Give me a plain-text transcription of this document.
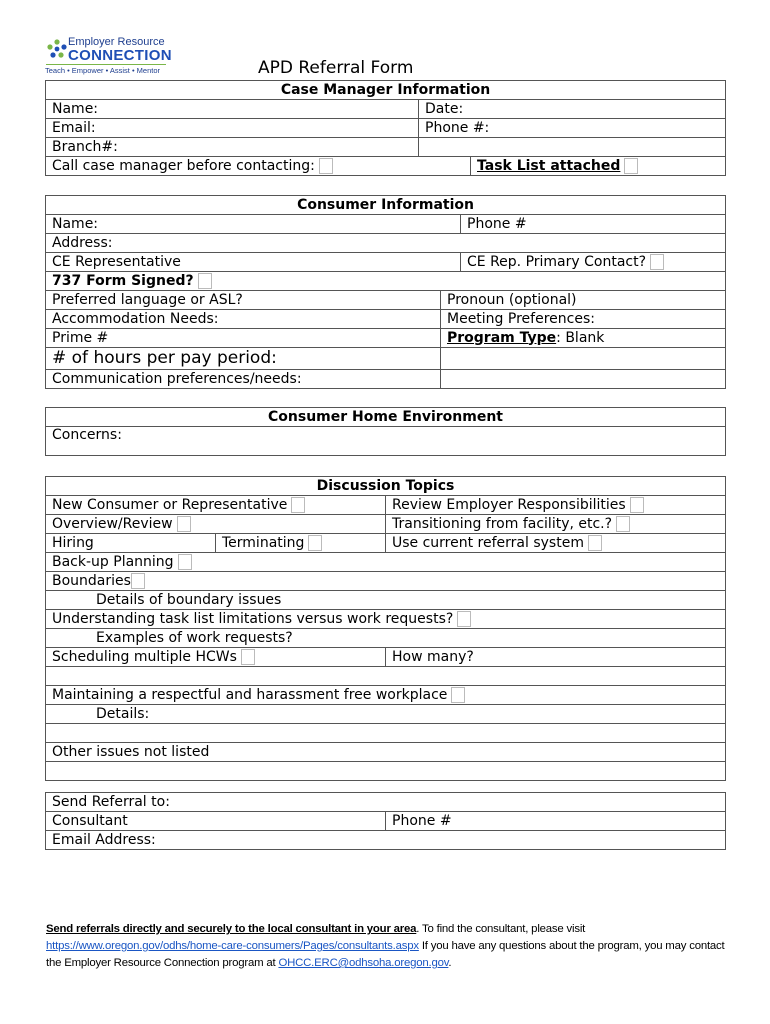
Employer Resource
CONNECTION
Teach • Empower • Assist • Mentor	APD Referral Form
Case Manager Information		
Name:	Date:	
Email:	Phone #:	
Branch#:		
Call case manager before contacting:		Task List attached
Consumer Information		
Name:		Phone #
Address:		
CE Representative		CE Rep. Primary Contact?
737 Form Signed?		
Preferred language or ASL?	Pronoun (optional)	
Accommodation Needs:	Meeting Preferences:	
Prime #	Program Type: Blank	
# of hours per pay period:		
Communication preferences/needs:		
Consumer Home Environment
Concerns:
Discussion Topics		
New Consumer or Representative		Review Employer Responsibilities
Overview/Review		Transitioning from facility, etc.?
Hiring	Terminating	Use current referral system
Back-up Planning		
Boundaries		
Details of boundary issues		
Understanding task list limitations versus work requests?		
Examples of work requests?		
Scheduling multiple HCWs		How many?

Maintaining a respectful and harassment free workplace		
Details:		

Other issues not listed		

Send Referral to:
Consultant	Phone #
Email Address:
Send referrals directly and securely to the local consultant in your area. To find the consultant, please visit
https://www.oregon.gov/odhs/home-care-consumers/Pages/consultants.aspx If you have any questions about the program, you may contact the Employer Resource Connection program at OHCC.ERC@odhsoha.oregon.gov.
